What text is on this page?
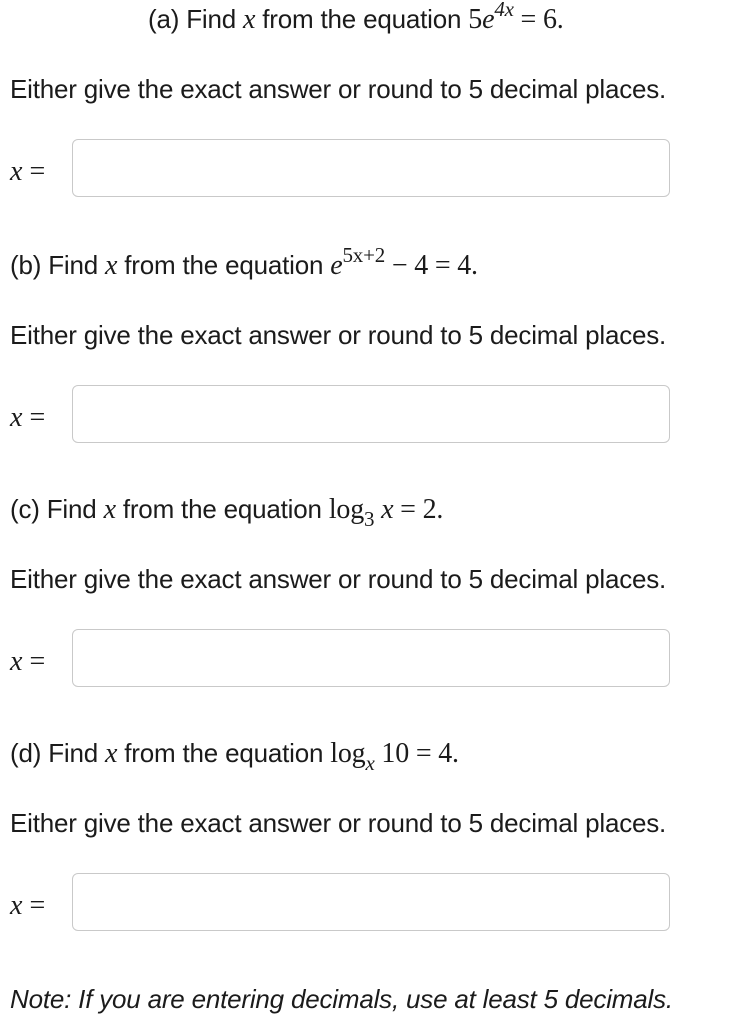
(a) Find x from the equation $5e^{4x} = 6$.
Either give the exact answer or round to 5 decimal places.
x =
(b) Find x from the equation $e^{5x+2} - 4 = 4$.
Either give the exact answer or round to 5 decimal places.
x =
(c) Find x from the equation $\log_3 x = 2$.
Either give the exact answer or round to 5 decimal places.
x =
(d) Find x from the equation $\log_x 10 = 4$.
Either give the exact answer or round to 5 decimal places.
x =
Note: If you are entering decimals, use at least 5 decimals.
